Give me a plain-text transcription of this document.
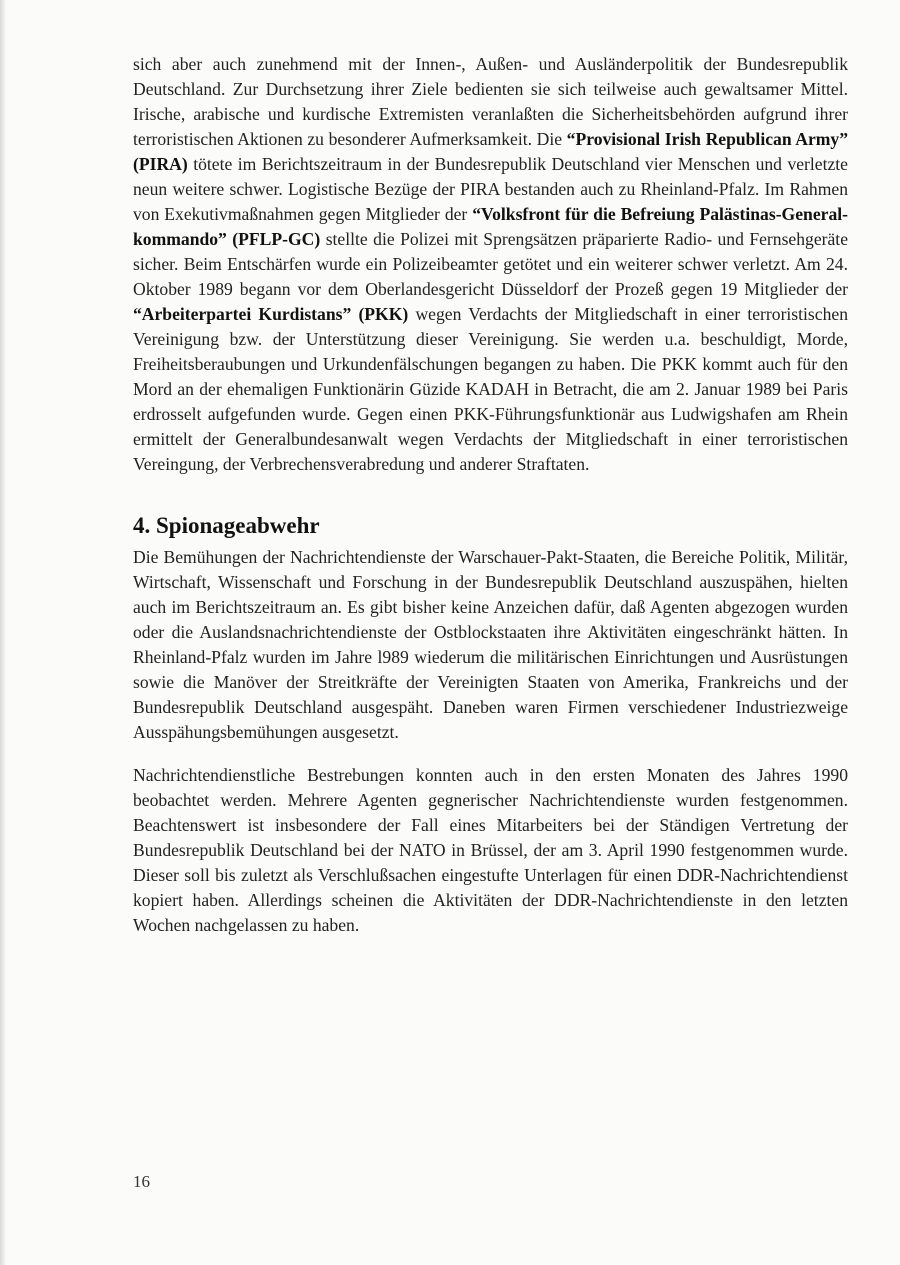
sich aber auch zunehmend mit der Innen-, Außen- und Ausländerpolitik der Bundesrepublik Deutschland. Zur Durchsetzung ihrer Ziele bedienten sie sich teilweise auch gewaltsamer Mittel. Irische, arabische und kurdische Extremisten veranlaßten die Sicherheitsbehörden aufgrund ihrer terroristischen Aktionen zu besonderer Aufmerksamkeit. Die “Provisional Irish Republican Army” (PIRA) tötete im Berichtszeitraum in der Bundesrepublik Deutschland vier Menschen und verletzte neun weitere schwer. Logistische Bezüge der PIRA bestanden auch zu Rheinland-Pfalz. Im Rahmen von Exekutivmaßnahmen gegen Mitglieder der “Volksfront für die Befreiung Palästinas-Generalkommando” (PFLP-GC) stellte die Polizei mit Sprengsätzen präparierte Radio- und Fernsehgeräte sicher. Beim Entschärfen wurde ein Polizeibeamter getötet und ein weiterer schwer verletzt. Am 24. Oktober 1989 begann vor dem Oberlandesgericht Düsseldorf der Prozeß gegen 19 Mitglieder der “Arbeiterpartei Kurdistans” (PKK) wegen Verdachts der Mitgliedschaft in einer terroristischen Vereinigung bzw. der Unterstützung dieser Vereinigung. Sie werden u.a. beschuldigt, Morde, Freiheitsberaubungen und Urkundenfälschungen begangen zu haben. Die PKK kommt auch für den Mord an der ehemaligen Funktionärin Güzide KADAH in Betracht, die am 2. Januar 1989 bei Paris erdrosselt aufgefunden wurde. Gegen einen PKK-Führungsfunktionär aus Ludwigshafen am Rhein ermittelt der Generalbundesanwalt wegen Verdachts der Mitgliedschaft in einer terroristischen Vereingung, der Verbrechensverabredung und anderer Straftaten.

4. Spionageabwehr

Die Bemühungen der Nachrichtendienste der Warschauer-Pakt-Staaten, die Bereiche Politik, Militär, Wirtschaft, Wissenschaft und Forschung in der Bundesrepublik Deutschland auszuspähen, hielten auch im Berichtszeitraum an. Es gibt bisher keine Anzeichen dafür, daß Agenten abgezogen wurden oder die Auslandsnachrichtendienste der Ostblockstaaten ihre Aktivitäten eingeschränkt hätten. In Rheinland-Pfalz wurden im Jahre l989 wiederum die militärischen Einrichtungen und Ausrüstungen sowie die Manöver der Streitkräfte der Vereinigten Staaten von Amerika, Frankreichs und der Bundesrepublik Deutschland ausgespäht. Daneben waren Firmen verschiedener Industriezweige Ausspähungsbemühungen ausgesetzt.

Nachrichtendienstliche Bestrebungen konnten auch in den ersten Monaten des Jahres 1990 beobachtet werden. Mehrere Agenten gegnerischer Nachrichtendienste wurden festgenommen. Beachtenswert ist insbesondere der Fall eines Mitarbeiters bei der Ständigen Vertretung der Bundesrepublik Deutschland bei der NATO in Brüssel, der am 3. April 1990 festgenommen wurde. Dieser soll bis zuletzt als Verschlußsachen eingestufte Unterlagen für einen DDR-Nachrichtendienst kopiert haben. Allerdings scheinen die Aktivitäten der DDR-Nachrichtendienste in den letzten Wochen nachgelassen zu haben.

16
